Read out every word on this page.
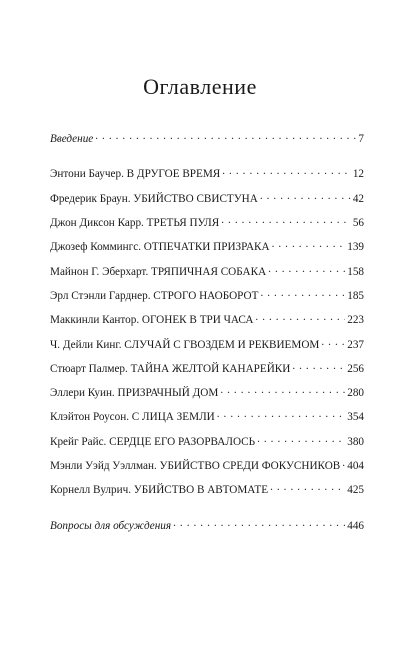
Оглавление
Введение . . .	7
Энтони Баучер. В ДРУГОЕ ВРЕМЯ . . .	12
Фредерик Браун. УБИЙСТВО СВИСТУНА . . .	42
Джон Диксон Карр. ТРЕТЬЯ ПУЛЯ . . .	56
Джозеф Коммингс. ОТПЕЧАТКИ ПРИЗРАКА . . .	139
Майнон Г. Эберхарт. ТРЯПИЧНАЯ СОБАКА . . .	158
Эрл Стэнли Гарднер. СТРОГО НАОБОРОТ . . .	185
Маккинли Кантор. ОГОНЕК В ТРИ ЧАСА . . .	223
Ч. Дейли Кинг. СЛУЧАЙ С ГВОЗДЕМ И РЕКВИЕМОМ . . . 237
Стюарт Палмер. ТАЙНА ЖЕЛТОЙ КАНАРЕЙКИ . . .	256
Эллери Куин. ПРИЗРАЧНЫЙ ДОМ . . .	280
Клэйтон Роусон. С ЛИЦА ЗЕМЛИ . . .	354
Крейг Райс. СЕРДЦЕ ЕГО РАЗОРВАЛОСЬ . . .	380
Мэнли Уэйд Уэллман. УБИЙСТВО СРЕДИ ФОКУСНИКОВ . . . 404
Корнелл Вулрич. УБИЙСТВО В АВТОМАТЕ . . .	425
Вопросы для обсуждения . . .	446
